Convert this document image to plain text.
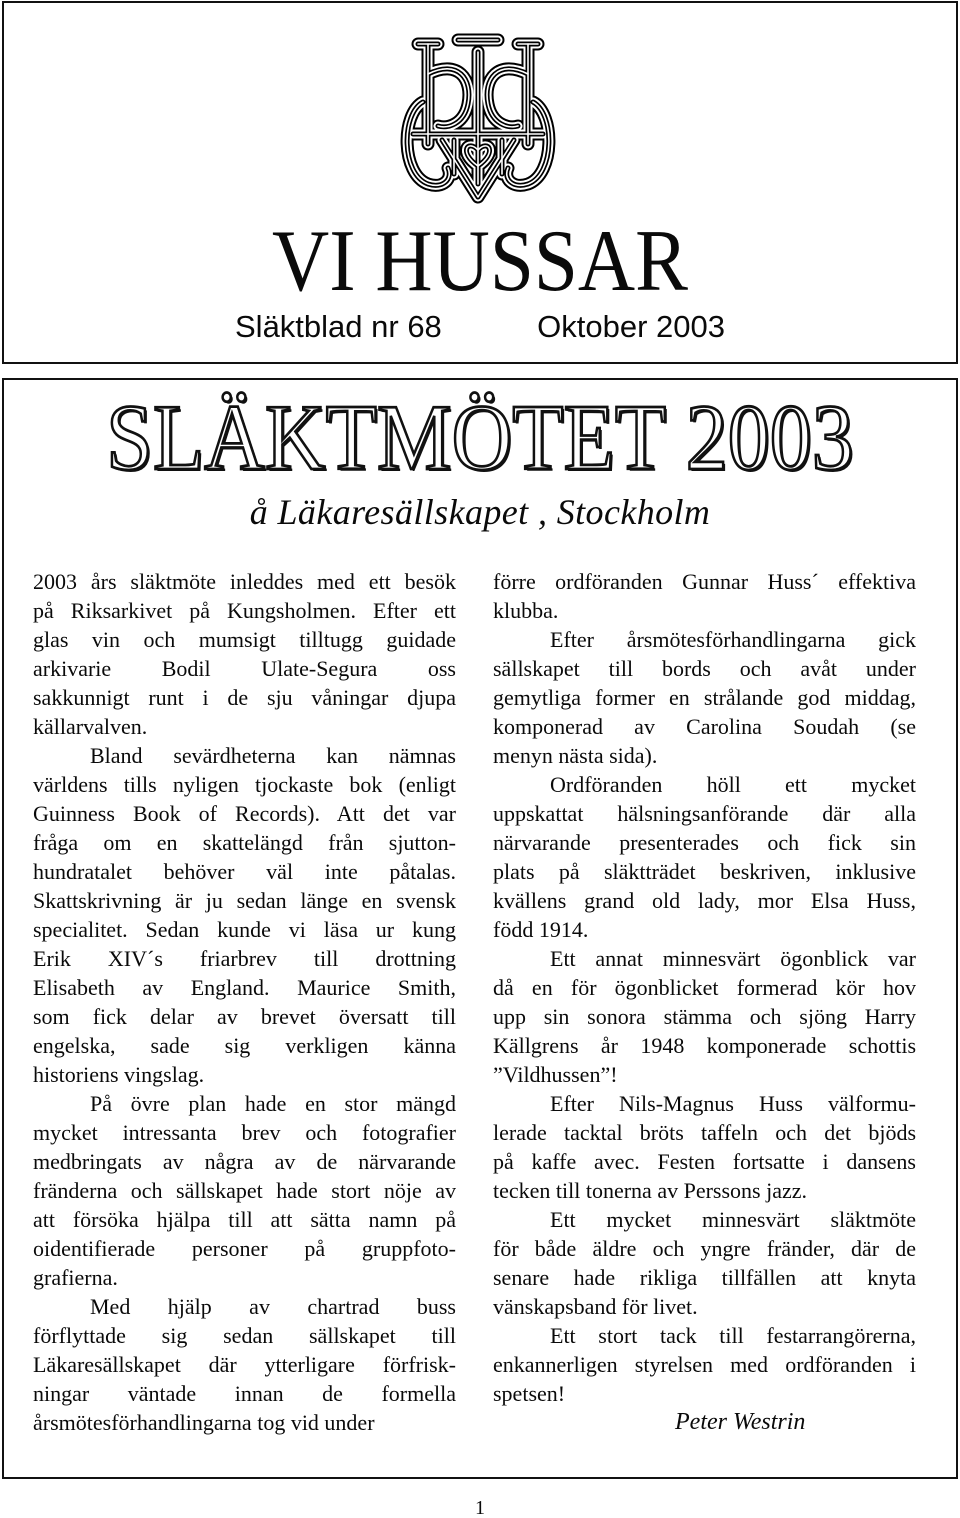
VI HUSSAR
Släktblad nr 68	Oktober 2003
SLÄKTMÖTET 2003
å Läkaresällskapet , Stockholm
2003 års släktmöte inleddes med ett besök
på Riksarkivet på Kungsholmen. Efter ett
glas vin och mumsigt tilltugg guidade
arkivarie Bodil Ulate-Segura oss
sakkunnigt runt i de sju våningar djupa
källarvalven.
Bland sevärdheterna kan nämnas
världens tills nyligen tjockaste bok (enligt
Guinness Book of Records). Att det var
fråga om en skattelängd från sjutton-
hundratalet behöver väl inte påtalas.
Skattskrivning är ju sedan länge en svensk
specialitet. Sedan kunde vi läsa ur kung
Erik XIV´s friarbrev till drottning
Elisabeth av England. Maurice Smith,
som fick delar av brevet översatt till
engelska, sade sig verkligen känna
historiens vingslag.
På övre plan hade en stor mängd
mycket intressanta brev och fotografier
medbringats av några av de närvarande
fränderna och sällskapet hade stort nöje av
att försöka hjälpa till att sätta namn på
oidentifierade personer på gruppfoto-
grafierna.
Med hjälp av chartrad buss
förflyttade sig sedan sällskapet till
Läkaresällskapet där ytterligare förfrisk-
ningar väntade innan de formella
årsmötesförhandlingarna tog vid under
förre ordföranden Gunnar Huss´ effektiva
klubba.
Efter årsmötesförhandlingarna gick
sällskapet till bords och avåt under
gemytliga former en strålande god middag,
komponerad av Carolina Soudah (se
menyn nästa sida).
Ordföranden höll ett mycket
uppskattat hälsningsanförande där alla
närvarande presenterades och fick sin
plats på släktträdet beskriven, inklusive
kvällens grand old lady, mor Elsa Huss,
född 1914.
Ett annat minnesvärt ögonblick var
då en för ögonblicket formerad kör hov
upp sin sonora stämma och sjöng Harry
Källgrens år 1948 komponerade schottis
”Vildhussen”!
Efter Nils-Magnus Huss välformu-
lerade tacktal bröts taffeln och det bjöds
på kaffe avec. Festen fortsatte i dansens
tecken till tonerna av Perssons jazz.
Ett mycket minnesvärt släktmöte
för både äldre och yngre fränder, där de
senare hade rikliga tillfällen att knyta
vänskapsband för livet.
Ett stort tack till festarrangörerna,
enkannerligen styrelsen med ordföranden i
spetsen!
Peter Westrin
1
